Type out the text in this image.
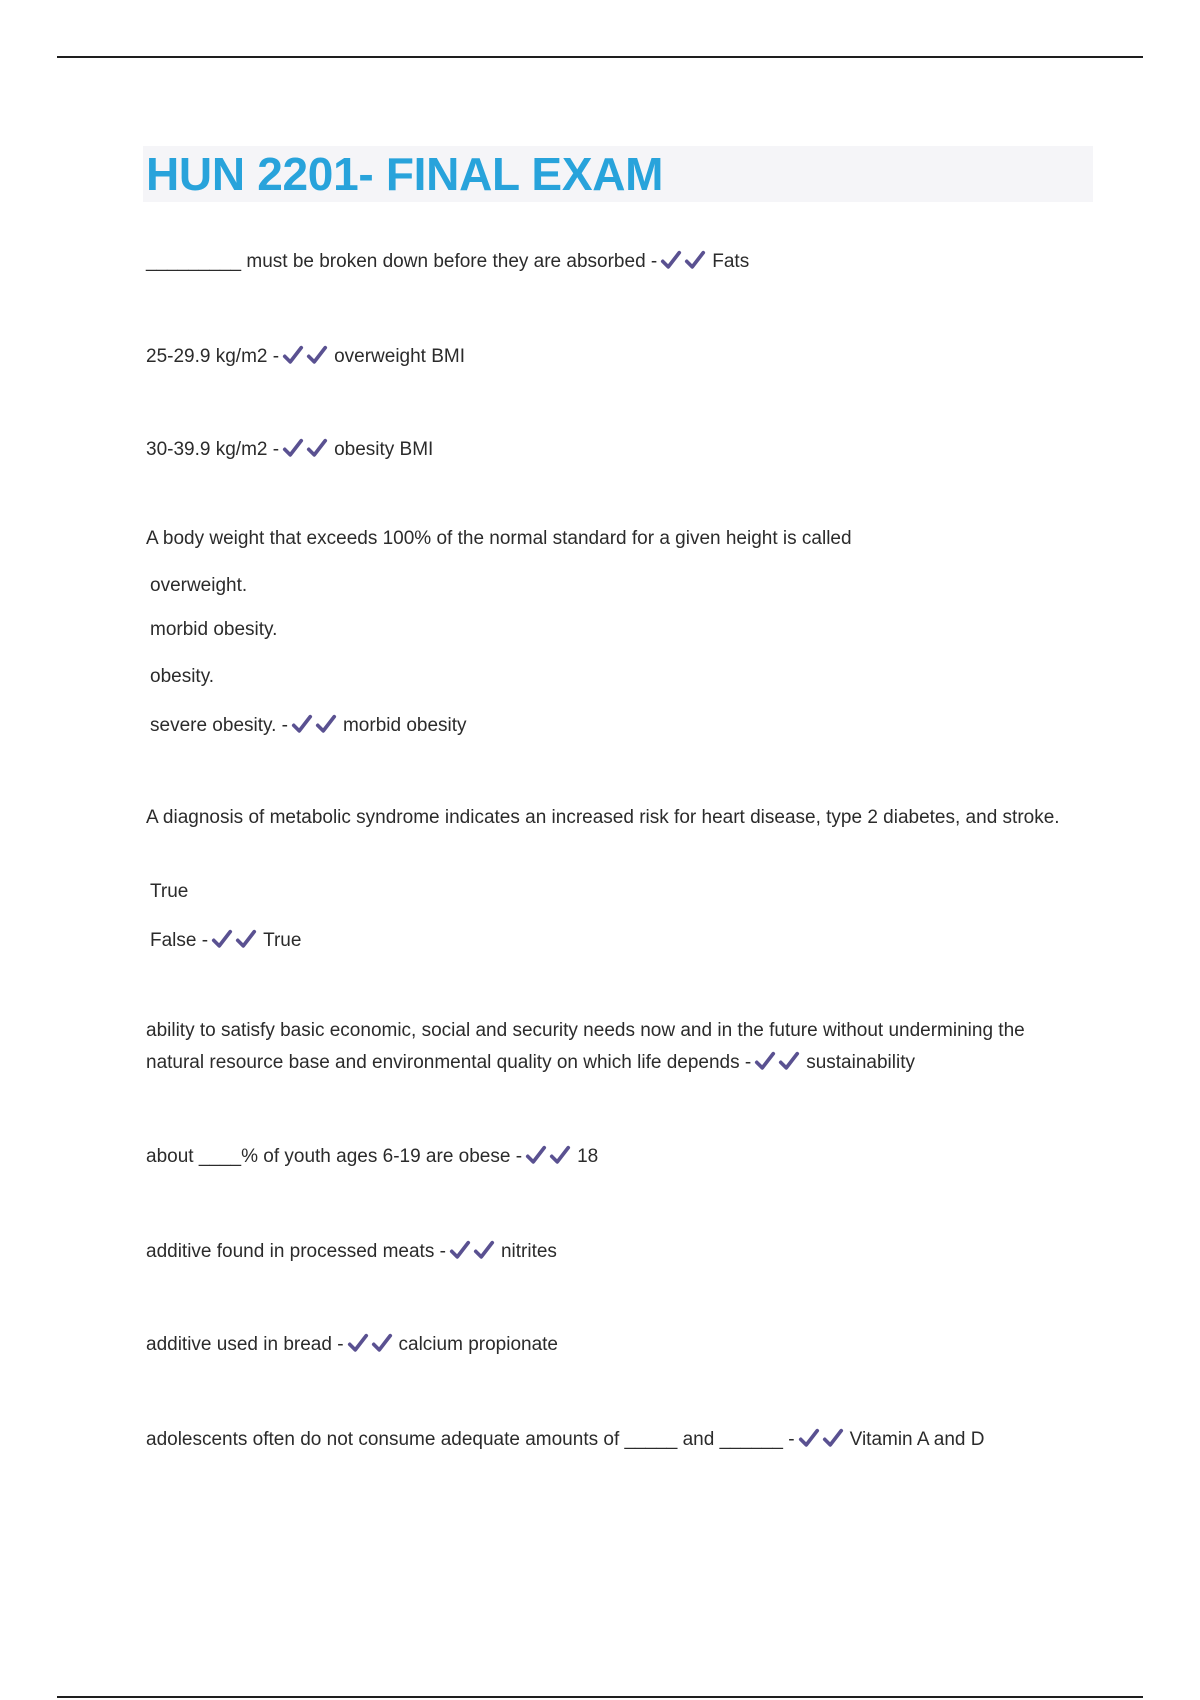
HUN 2201- FINAL EXAM
_________ must be broken down before they are absorbed -	Fats
25-29.9 kg/m2 -	overweight BMI
30-39.9 kg/m2 -	obesity BMI
A body weight that exceeds 100% of the normal standard for a given height is called
overweight.
morbid obesity.
obesity.
severe obesity. -	morbid obesity
A diagnosis of metabolic syndrome indicates an increased risk for heart disease, type 2 diabetes, and stroke.
True
False -	True
ability to satisfy basic economic, social and security needs now and in the future without undermining the natural resource base and environmental quality on which life depends -	sustainability
about ____% of youth ages 6-19 are obese -	18
additive found in processed meats -	nitrites
additive used in bread -	calcium propionate
adolescents often do not consume adequate amounts of _____ and ______ -	Vitamin A and D
